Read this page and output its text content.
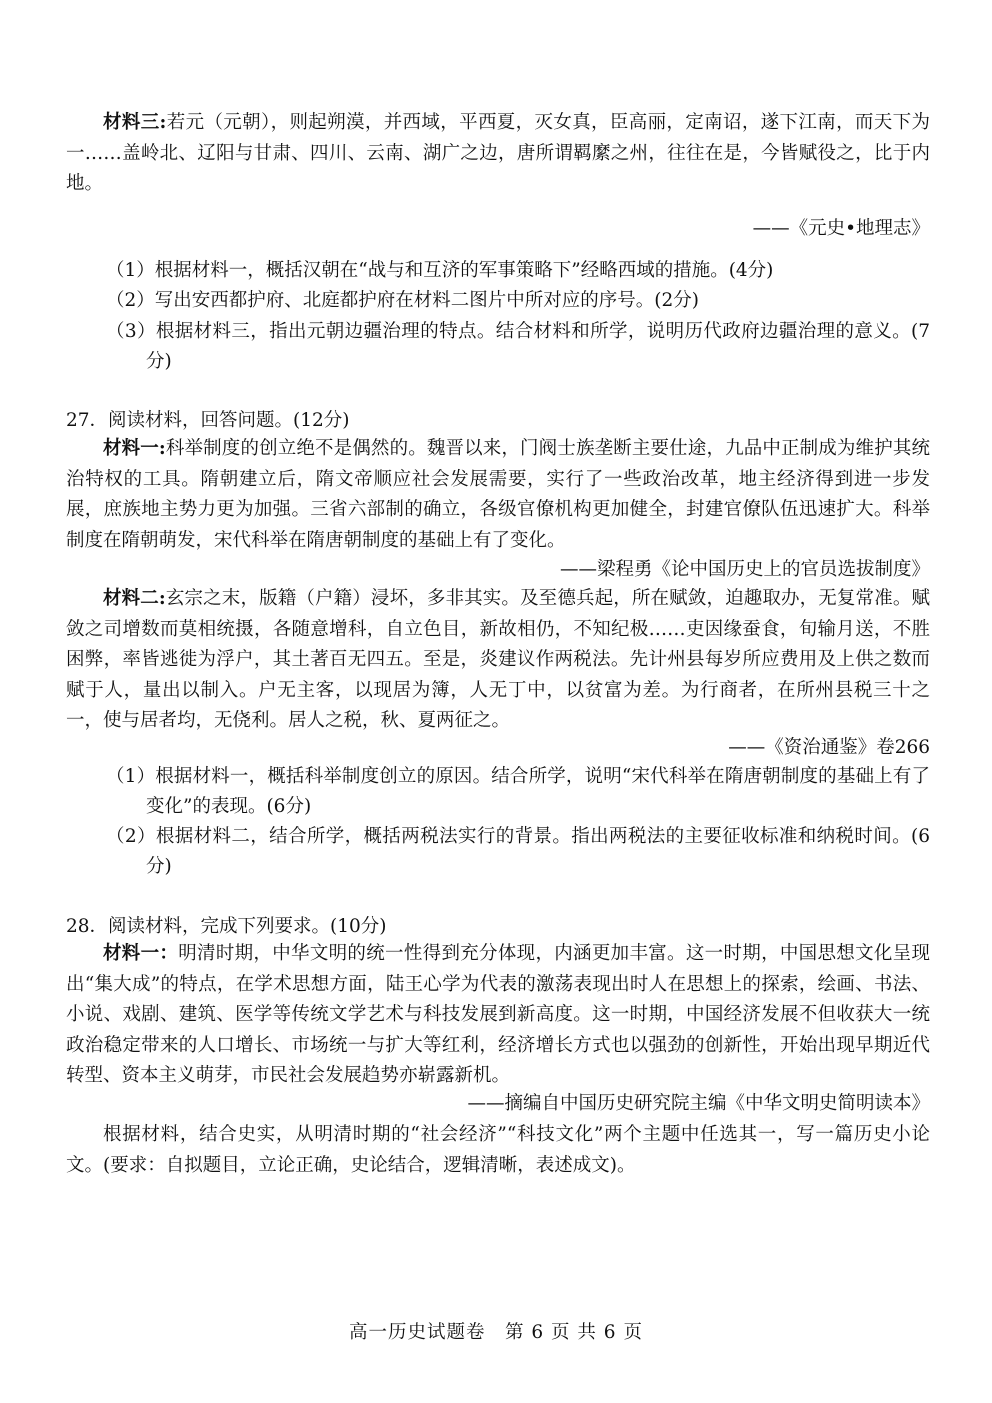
材料三:若元（元朝），则起朔漠，并西域，平西夏，灭女真，臣高丽，定南诏，遂下江南，而天下为一……盖岭北、辽阳与甘肃、四川、云南、湖广之边，唐所谓羁縻之州，往往在是，今皆赋役之，比于内地。
——《元史•地理志》
（1）根据材料一，概括汉朝在“战与和互济的军事策略下”经略西域的措施。(4分)
（2）写出安西都护府、北庭都护府在材料二图片中所对应的序号。(2分)
（3）根据材料三，指出元朝边疆治理的特点。结合材料和所学，说明历代政府边疆治理的意义。(7分)
27．阅读材料，回答问题。(12分)
材料一:科举制度的创立绝不是偶然的。魏晋以来，门阀士族垄断主要仕途，九品中正制成为维护其统治特权的工具。隋朝建立后，隋文帝顺应社会发展需要，实行了一些政治改革，地主经济得到进一步发展，庶族地主势力更为加强。三省六部制的确立，各级官僚机构更加健全，封建官僚队伍迅速扩大。科举制度在隋朝萌发，宋代科举在隋唐朝制度的基础上有了变化。
——梁程勇《论中国历史上的官员选拔制度》
材料二:玄宗之末，版籍（户籍）浸坏，多非其实。及至德兵起，所在赋敛，迫趣取办，无复常准。赋敛之司增数而莫相统摄，各随意增科，自立色目，新故相仍，不知纪极……吏因缘蚕食，旬输月送，不胜困弊，率皆逃徙为浮户，其土著百无四五。至是，炎建议作两税法。先计州县每岁所应费用及上供之数而赋于人，量出以制入。户无主客，以现居为簿，人无丁中，以贫富为差。为行商者，在所州县税三十之一，使与居者均，无侥利。居人之税，秋、夏两征之。
——《资治通鉴》卷266
（1）根据材料一，概括科举制度创立的原因。结合所学，说明“宋代科举在隋唐朝制度的基础上有了变化”的表现。(6分)
（2）根据材料二，结合所学，概括两税法实行的背景。指出两税法的主要征收标准和纳税时间。(6分)
28．阅读材料，完成下列要求。(10分)
材料一：明清时期，中华文明的统一性得到充分体现，内涵更加丰富。这一时期，中国思想文化呈现出“集大成”的特点，在学术思想方面，陆王心学为代表的激荡表现出时人在思想上的探索，绘画、书法、小说、戏剧、建筑、医学等传统文学艺术与科技发展到新高度。这一时期，中国经济发展不但收获大一统政治稳定带来的人口增长、市场统一与扩大等红利，经济增长方式也以强劲的创新性，开始出现早期近代转型、资本主义萌芽，市民社会发展趋势亦崭露新机。
——摘编自中国历史研究院主编《中华文明史简明读本》
根据材料，结合史实，从明清时期的“社会经济”“科技文化”两个主题中任选其一，写一篇历史小论文。(要求：自拟题目，立论正确，史论结合，逻辑清晰，表述成文)。
高一历史试题卷　第 6 页 共 6 页
